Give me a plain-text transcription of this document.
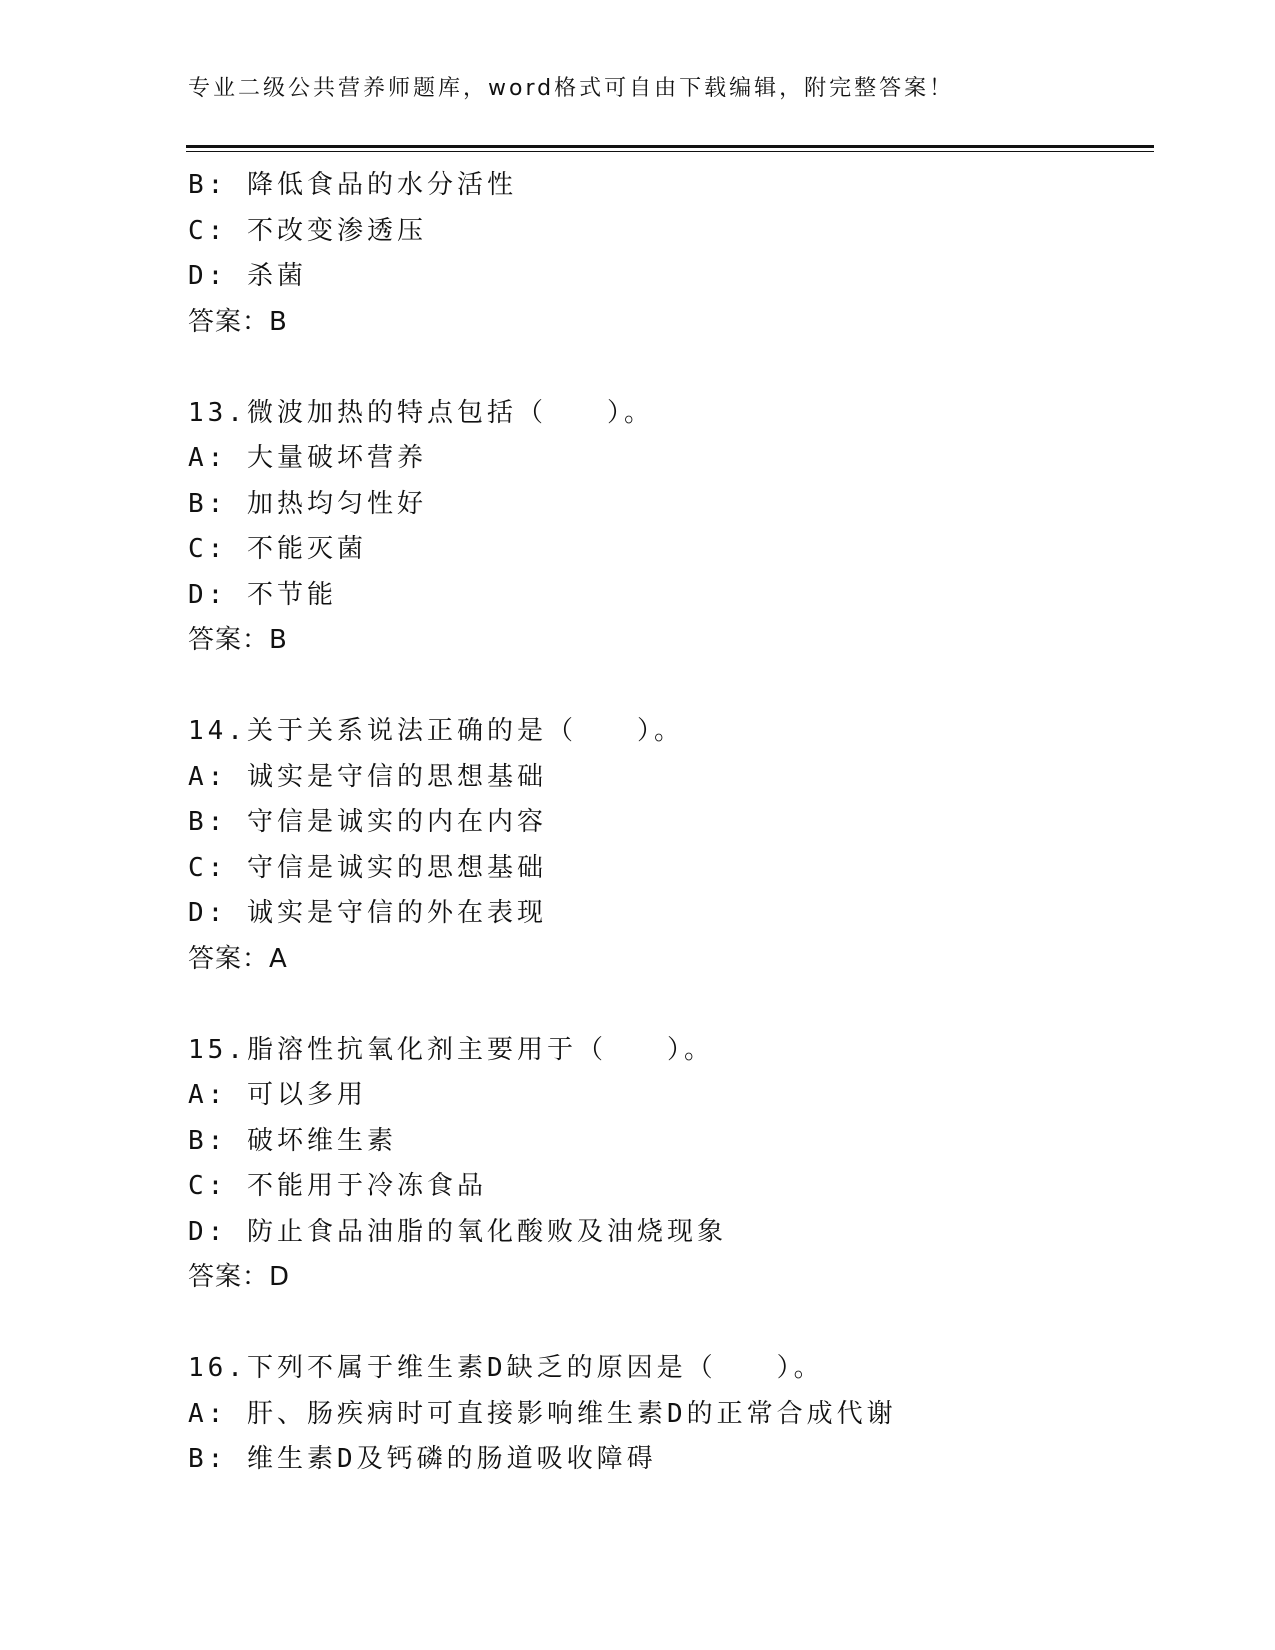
专业二级公共营养师题库，word格式可自由下载编辑，附完整答案！
B: 降低食品的水分活性
C: 不改变渗透压
D: 杀菌
答案：B
13.微波加热的特点包括（　　）。
A: 大量破坏营养
B: 加热均匀性好
C: 不能灭菌
D: 不节能
答案：B
14.关于关系说法正确的是（　　）。
A: 诚实是守信的思想基础
B: 守信是诚实的内在内容
C: 守信是诚实的思想基础
D: 诚实是守信的外在表现
答案：A
15.脂溶性抗氧化剂主要用于（　　）。
A: 可以多用
B: 破坏维生素
C: 不能用于冷冻食品
D: 防止食品油脂的氧化酸败及油烧现象
答案：D
16.下列不属于维生素D缺乏的原因是（　　）。
A: 肝、肠疾病时可直接影响维生素D的正常合成代谢
B: 维生素D及钙磷的肠道吸收障碍
